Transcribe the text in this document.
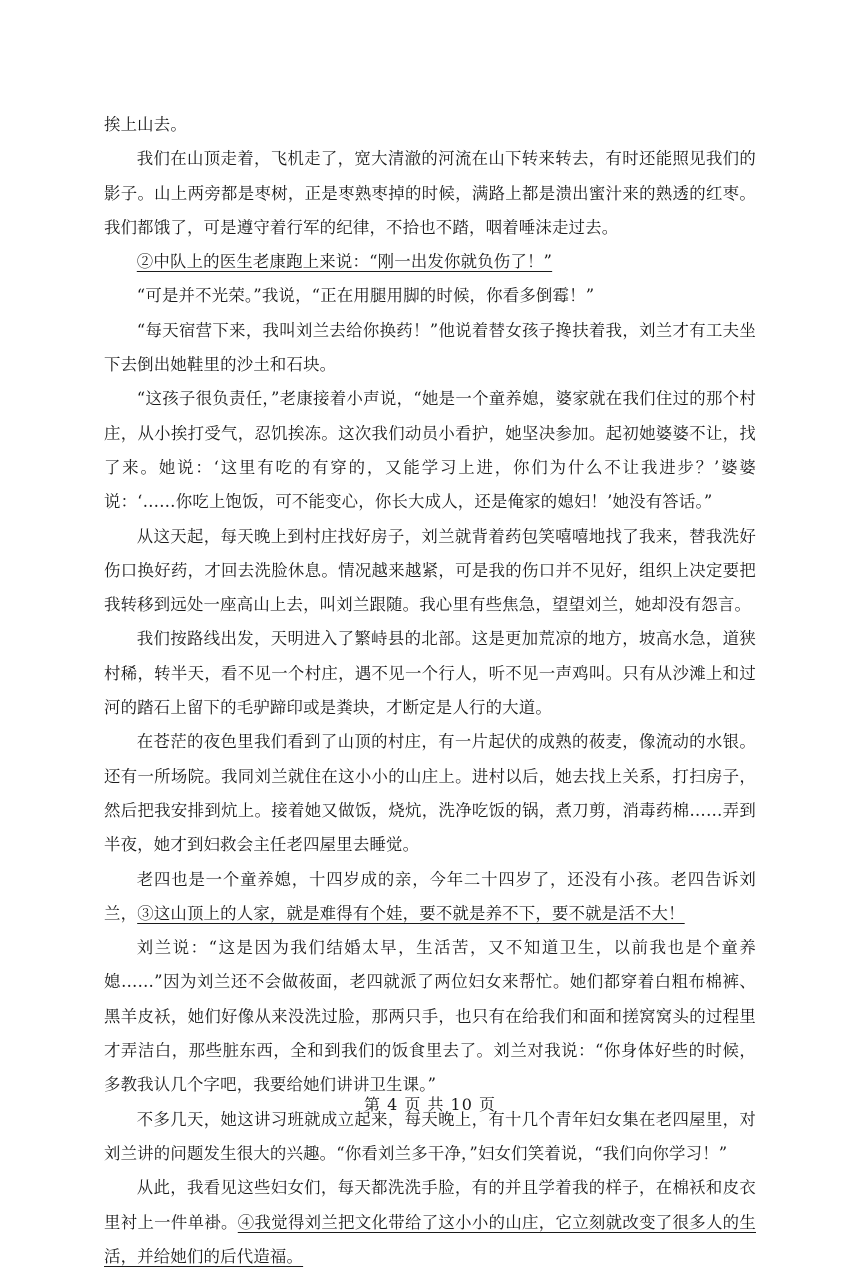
挨上山去。

我们在山顶走着，飞机走了，宽大清澈的河流在山下转来转去，有时还能照见我们的影子。山上两旁都是枣树，正是枣熟枣掉的时候，满路上都是溃出蜜汁来的熟透的红枣。我们都饿了，可是遵守着行军的纪律，不拾也不踏，咽着唾沫走过去。

②中队上的医生老康跑上来说：“刚一出发你就负伤了！”

“可是并不光荣。”我说，“正在用腿用脚的时候，你看多倒霉！”

“每天宿营下来，我叫刘兰去给你换药！”他说着替女孩子搀扶着我，刘兰才有工夫坐下去倒出她鞋里的沙土和石块。

“这孩子很负责任，”老康接着小声说，“她是一个童养媳，婆家就在我们住过的那个村庄，从小挨打受气，忍饥挨冻。这次我们动员小看护，她坚决参加。起初她婆婆不让，找了来。她说：‘这里有吃的有穿的，又能学习上进，你们为什么不让我进步？’婆婆说：‘……你吃上饱饭，可不能变心，你长大成人，还是俺家的媳妇！’她没有答话。”

从这天起，每天晚上到村庄找好房子，刘兰就背着药包笑嘻嘻地找了我来，替我洗好伤口换好药，才回去洗脸休息。情况越来越紧，可是我的伤口并不见好，组织上决定要把我转移到远处一座高山上去，叫刘兰跟随。我心里有些焦急，望望刘兰，她却没有怨言。

我们按路线出发，天明进入了繁峙县的北部。这是更加荒凉的地方，坡高水急，道狭村稀，转半天，看不见一个村庄，遇不见一个行人，听不见一声鸡叫。只有从沙滩上和过河的踏石上留下的毛驴蹄印或是粪块，才断定是人行的大道。

在苍茫的夜色里我们看到了山顶的村庄，有一片起伏的成熟的莜麦，像流动的水银。还有一所场院。我同刘兰就住在这小小的山庄上。进村以后，她去找上关系，打扫房子，然后把我安排到炕上。接着她又做饭，烧炕，洗净吃饭的锅，煮刀剪，消毒药棉……弄到半夜，她才到妇救会主任老四屋里去睡觉。

老四也是一个童养媳，十四岁成的亲，今年二十四岁了，还没有小孩。老四告诉刘兰，③这山顶上的人家，就是难得有个娃，要不就是养不下，要不就是活不大！

刘兰说：“这是因为我们结婚太早，生活苦，又不知道卫生，以前我也是个童养媳……”因为刘兰还不会做莜面，老四就派了两位妇女来帮忙。她们都穿着白粗布棉裤、黑羊皮袄，她们好像从来没洗过脸，那两只手，也只有在给我们和面和搓窝窝头的过程里才弄洁白，那些脏东西，全和到我们的饭食里去了。刘兰对我说：“你身体好些的时候，多教我认几个字吧，我要给她们讲讲卫生课。”

不多几天，她这讲习班就成立起来，每天晚上，有十几个青年妇女集在老四屋里，对刘兰讲的问题发生很大的兴趣。“你看刘兰多干净，”妇女们笑着说，“我们向你学习！”

从此，我看见这些妇女们，每天都洗洗手脸，有的并且学着我的样子，在棉袄和皮衣里衬上一件单褂。④我觉得刘兰把文化带给了这小小的山庄，它立刻就改变了很多人的生活，并给她们的后代造福。

第 4 页 共 10 页
